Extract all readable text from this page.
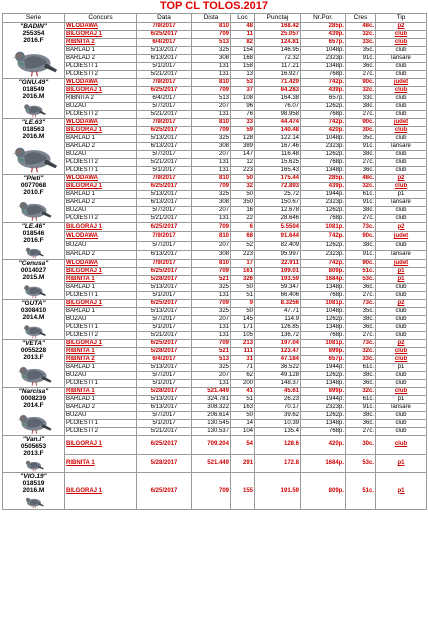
TOP CL TOLOS.2017
Serie	Concurs	Data	Dista	Loc	Punctaj	Nr.Por.	Cres	Tip

"BADIN"
255354
2016.F	WLODAWA	7/9/2017	810	48	168.42	285p.	48c.	p2
	BILGORAJ 1	6/25/2017	709	11	25.057	439p.	32c.	club
	RIBNITA 2	6/4/2017	513	82	124.81	657p.	33c.	club
	BARLAD 1	5/13/2017	325	154	146.95	1048p.	35c.	club
	BARLAD 2	6/13/2017	308	168	72.32	2323p.	91c.	lansare
	PLOIESTI 1	5/1/2017	131	158	117.21	1348p.	36c.	club
	PLOIESTI 2	5/21/2017	131	13	16.927	768p.	27c.	club

"GNU.49"
018549
2016.M	WLODAWA	7/9/2017	810	53	71.429	742p.	90c.	judet
	BILGORAJ 1	6/25/2017	709	37	84.283	439p.	32c.	club
	RIBNITA 2	6/4/2017	513	108	164.38	657p.	33c.	club
	BUZAU	5/7/2017	207	96	76.07	1262p.	38c.	club
	PLOIESTI 2	5/21/2017	131	76	98.958	768p.	27c.	club

"LE.63"
018563
2016.M	WLODAWA	7/9/2017	810	33	44.474	742p.	90c.	judet
	BILGORAJ 1	6/25/2017	709	59	140.48	420p.	30c.	club
	BARLAD 1	5/13/2017	325	128	122.14	1048p.	35c.	club
	BARLAD 2	6/13/2017	308	389	167.46	2323p.	91c.	lansare
	BUZAU	5/7/2017	207	147	116.48	1262p.	38c.	club
	PLOIESTI 2	5/21/2017	131	12	15.625	768p.	27c.	club
	PLOIESTI 1	5/1/2017	131	223	165.43	1348p.	36c.	club

"Pleti"
0077068
2010.F	WLODAWA	7/9/2017	810	50	175.44	285p.	48c.	p2
	BILGORAJ 1	6/25/2017	709	32	72.893	439p.	32c.	club
	BARLAD 1	5/13/2017	325	50	25.72	1944p.	61c.	p1
	BARLAD 2	6/13/2017	308	350	150.67	2323p.	91c.	lansare
	BUZAU	5/7/2017	207	16	12.678	1262p.	38c.	club
	PLOIESTI 2	5/21/2017	131	22	28.646	768p.	27c.	club

"LE.46"
018546
2016.F	BILGORAJ 1	6/25/2017	709	6	5.5504	1081p.	73c.	p2
	WLODAWA	7/9/2017	810	68	91.644	742p.	90c.	judet
	BUZAU	5/7/2017	207	52	82.409	1262p.	38c.	club
	BARLAD 2	6/13/2017	308	223	95.997	2323p.	91c.	lansare

"Cenusa"
0014027
2015.M	WLODAWA	7/9/2017	810	17	22.911	742p.	90c.	judet
	BILGORAJ 1	6/25/2017	709	161	199.01	809p.	51c.	p1
	RIBNITA 1	5/28/2017	521	326	193.59	1684p.	53c.	p1
	BARLAD 1	5/13/2017	325	50	59.347	1348p.	36c.	club
	PLOIESTI 1	5/1/2017	131	51	66.406	768p.	27c.	club

"GUTA"
0308410
2014.M	BILGORAJ 1	6/25/2017	709	9	8.3256	1081p.	73c.	p2
	BARLAD 1	5/13/2017	325	50	47.71	1048p.	35c.	club
	BUZAU	5/7/2017	207	145	114.9	1262p.	38c.	club
	PLOIESTI 1	5/1/2017	131	171	126.85	1348p.	36c.	club
	PLOIESTI 2	5/21/2017	131	105	136.72	768p.	27c.	club

"VETA"
0055228
2013.F	BILGORAJ 1	6/25/2017	709	213	197.04	1081p.	73c.	p2
	RIBNITA 1	5/28/2017	521	111	123.47	899p.	32c.	club
	RIBNITA 2	6/4/2017	513	31	47.184	657p.	33c.	club
	BARLAD 1	5/13/2017	325	71	36.522	1944p.	61c.	p1
	BUZAU	5/7/2017	207	62	49.128	1262p.	38c.	club
	PLOIESTI 1	5/1/2017	131	200	148.37	1348p.	36c.	club

"Narcisa"
0008239
2014.F	RIBNITA 1	5/28/2017	521.449	41	45.61	899p.	32c.	club
	BARLAD 1	5/13/2017	324.781	51	26.23	1944p.	61c.	p1
	BARLAD 2	6/13/2017	308.322	163	70.17	2323p.	91c.	lansare
	BUZAU	5/7/2017	206.614	50	39.62	1262p.	38c.	club
	PLOIESTI 1	5/1/2017	130.545	14	10.39	1348p.	36c.	club
	PLOIESTI 2	5/21/2017	130.537	104	135.4	768p.	27c.	club

"Van.i"
0505653
2013.F	BILGORAJ 1	6/25/2017	709.204	54	128.6	420p.	30c.	club
	RIBNITA 1	5/28/2017	521.449	291	172.8	1684p.	53c.	p1

"VIO.19"
018519
2016.M	BILGORAJ 1	6/25/2017	709	155	191.59	809p.	51c.	p1
